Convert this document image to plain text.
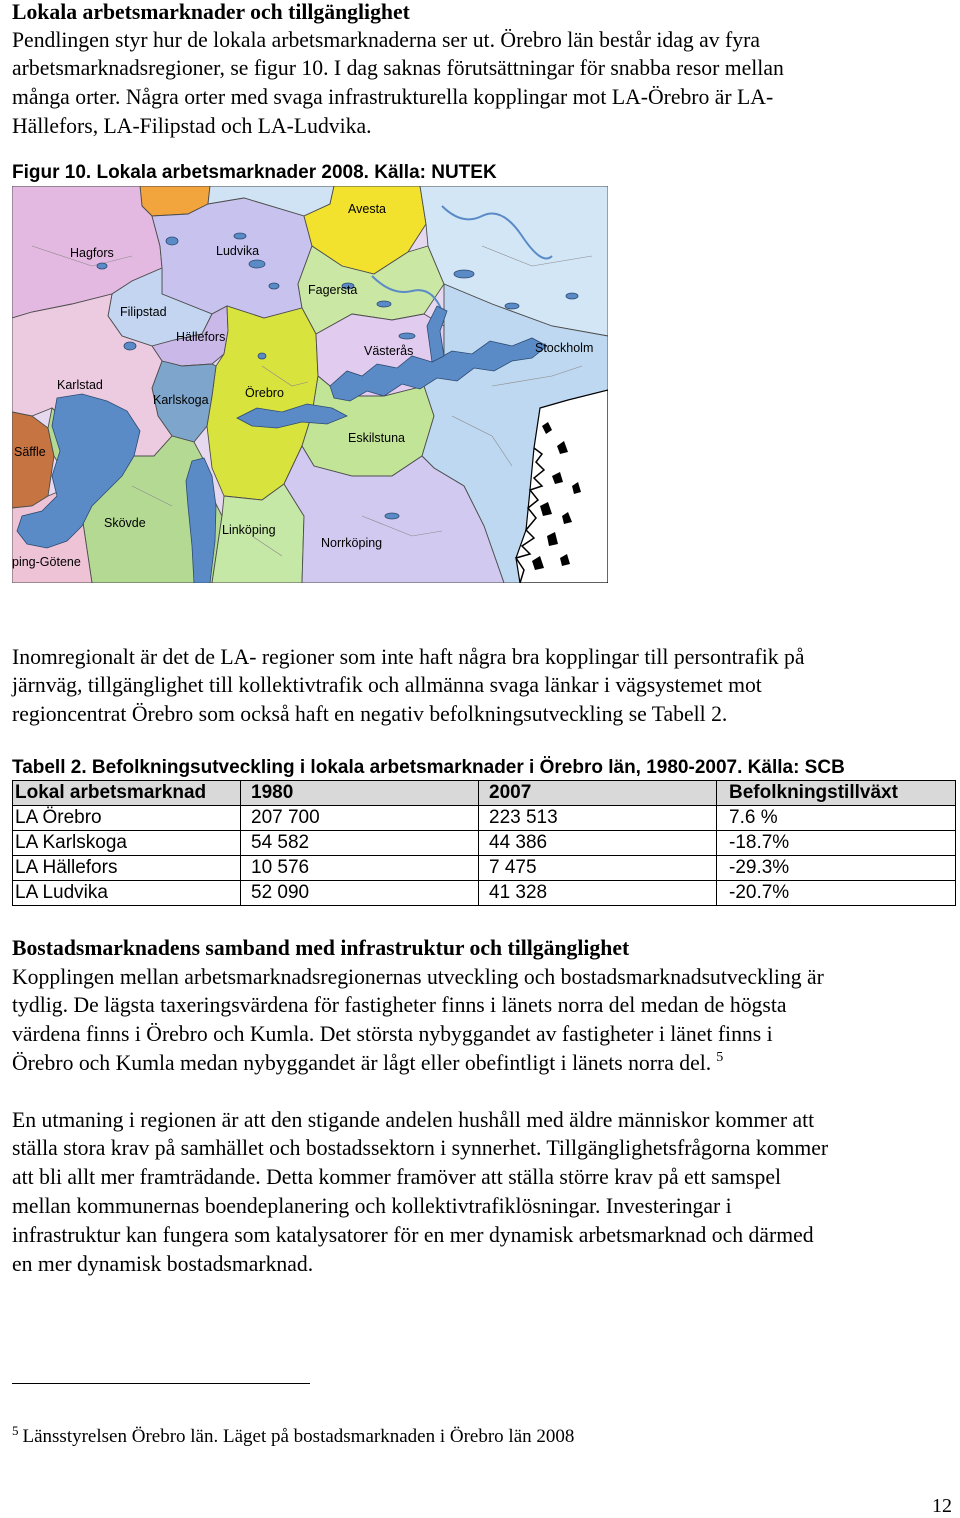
Lokala arbetsmarknader och tillgänglighet
Pendlingen styr hur de lokala arbetsmarknaderna ser ut. Örebro län består idag av fyra
arbetsmarknadsregioner, se figur 10. I dag saknas förutsättningar för snabba resor mellan
många orter. Några orter med svaga infrastrukturella kopplingar mot LA-Örebro är LA-
Hällefors, LA-Filipstad och LA-Ludvika.
Figur 10. Lokala arbetsmarknader 2008. Källa: NUTEK
Avesta
Hagfors	Ludvika
Fagersta
Filipstad
Hällefors
Västerås	Stockholm
Karlstad
Karlskoga	Örebro
Eskilstuna
Säffle
Skövde	Linköping
Norrköping
ping-Götene
Inomregionalt är det de LA- regioner som inte haft några bra kopplingar till persontrafik på
järnväg, tillgänglighet till kollektivtrafik och allmänna svaga länkar i vägsystemet mot
regioncentrat Örebro som också haft en negativ befolkningsutveckling se Tabell 2.
Tabell 2. Befolkningsutveckling i lokala arbetsmarknader i Örebro län, 1980-2007. Källa: SCB
Lokal arbetsmarknad	1980	2007	Befolkningstillväxt
LA Örebro	207 700	223 513	7.6 %
LA Karlskoga	54 582	44 386	-18.7%
LA Hällefors	10 576	7 475	-29.3%
LA Ludvika	52 090	41 328	-20.7%
Bostadsmarknadens samband med infrastruktur och tillgänglighet
Kopplingen mellan arbetsmarknadsregionernas utveckling och bostadsmarknadsutveckling är
tydlig. De lägsta taxeringsvärdena för fastigheter finns i länets norra del medan de högsta
värdena finns i Örebro och Kumla. Det största nybyggandet av fastigheter i länet finns i
Örebro och Kumla medan nybyggandet är lågt eller obefintligt i länets norra del. $^5$
En utmaning i regionen är att den stigande andelen hushåll med äldre människor kommer att
ställa stora krav på samhället och bostadssektorn i synnerhet. Tillgänglighetsfrågorna kommer
att bli allt mer framträdande. Detta kommer framöver att ställa större krav på ett samspel
mellan kommunernas boendeplanering och kollektivtrafiklösningar. Investeringar i
infrastruktur kan fungera som katalysatorer för en mer dynamisk arbetsmarknad och därmed
en mer dynamisk bostadsmarknad.
$^5$ Länsstyrelsen Örebro län. Läget på bostadsmarknaden i Örebro län 2008
12
